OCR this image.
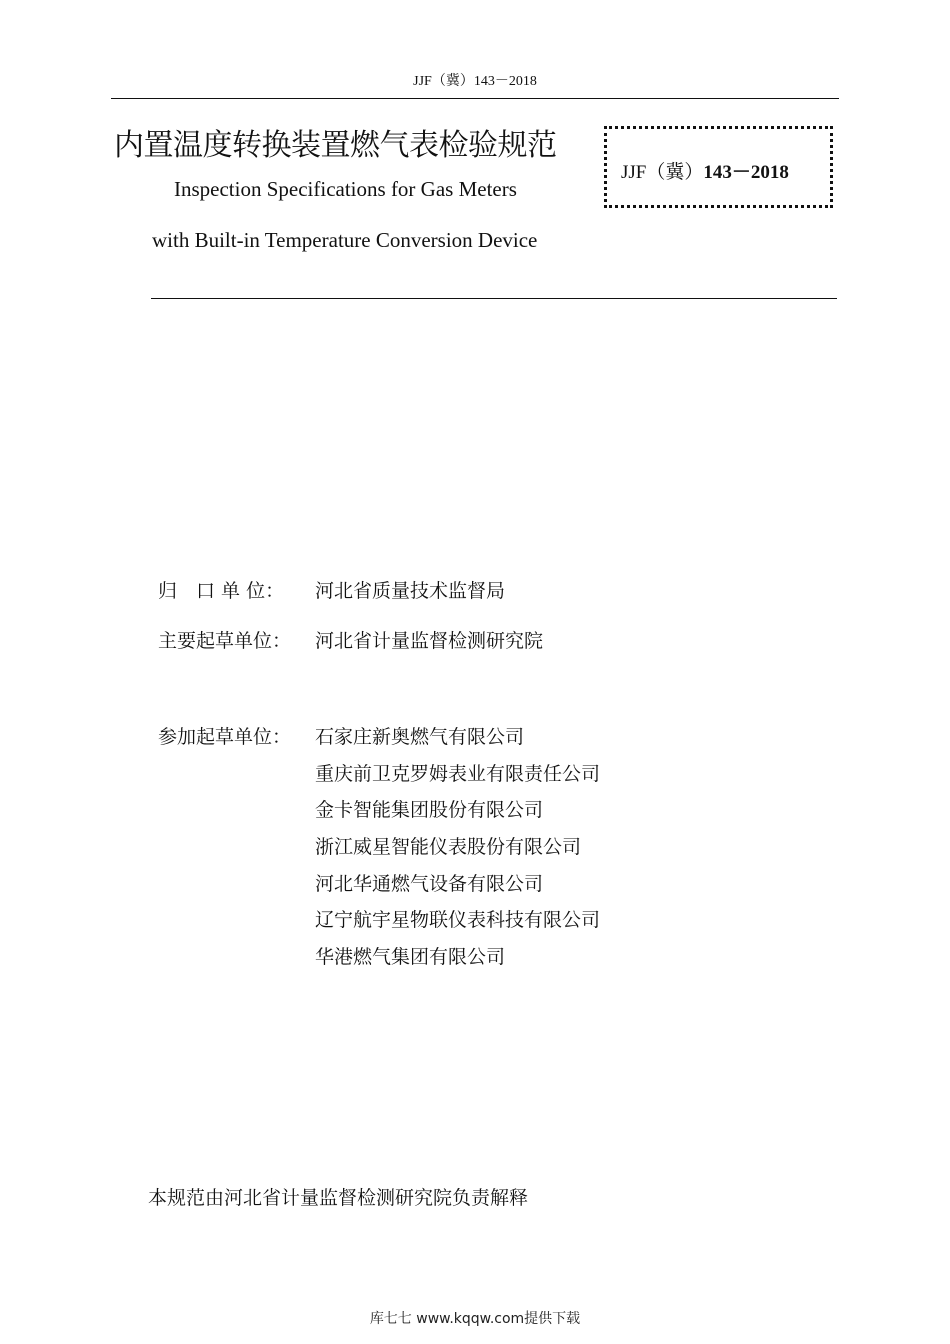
JJF（冀）143－2018
内置温度转换装置燃气表检验规范
Inspection Specifications for Gas Meters
with Built-in Temperature Conversion Device
JJF（冀）143－2018
归　口 单 位： 河北省质量技术监督局
主要起草单位： 河北省计量监督检测研究院
参加起草单位： 石家庄新奥燃气有限公司
重庆前卫克罗姆表业有限责任公司
金卡智能集团股份有限公司
浙江威星智能仪表股份有限公司
河北华通燃气设备有限公司
辽宁航宇星物联仪表科技有限公司
华港燃气集团有限公司
本规范由河北省计量监督检测研究院负责解释
库七七 www.kqqw.com提供下载
